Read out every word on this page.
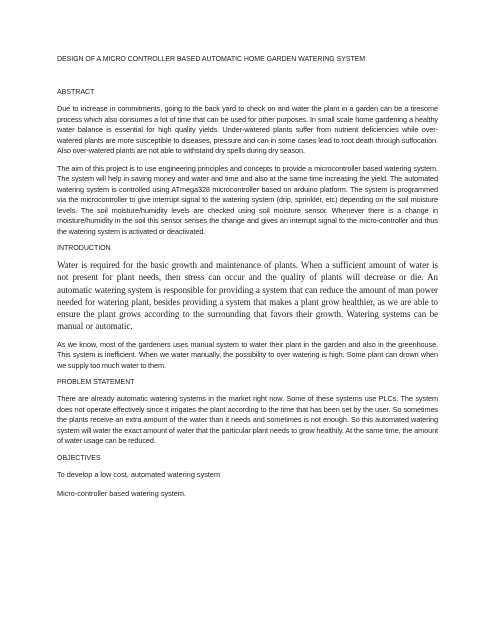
DESIGN OF A MICRO CONTROLLER BASED AUTOMATIC HOME GARDEN WATERING SYSTEM
ABSTRACT

Due to increase in commitments, going to the back yard to check on and water the plant in a garden can be a tiresome process which also consumes a lot of time that can be used for other purposes. In small scale home gardening a healthy water balance is essential for high quality yields. Under-watered plants suffer from nutrient deficiencies while over-watered plants are more susceptible to diseases, pressure and can in some cases lead to root death through suffocation. Also over-watered plants are not able to withstand dry spells during dry season.

The aim of this project is to use engineering principles and concepts to provide a microcontroller based watering system. The system will help in saving money and water and time and also at the same time increasing the yield. The automated watering system is controlled using ATmega328 microcontroller based on arduino platform. The system is programmed via the microcontroller to give interrupt signal to the watering system (drip, sprinkler, etc) depending on the soil moisture levels. The soil moisture/humidity levels are checked using soil moisture sensor. Whenever there is a change in moisture/humidity in the soil this sensor senses the change and gives an interrupt signal to the micro-controller and thus the watering system is activated or deactivated.

INTRODUCTION

Water is required for the basic growth and maintenance of plants. When a sufficient amount of water is not present for plant needs, then stress can occur and the quality of plants will decrease or die. An automatic watering system is responsible for providing a system that can reduce the amount of man power needed for watering plant, besides providing a system that makes a plant grow healthier, as we are able to ensure the plant grows according to the surrounding that favors their growth. Watering systems can be manual or automatic.

As we know, most of the gardeners uses manual system to water their plant in the garden and also in the greenhouse. This system is inefficient. When we water manually, the possibility to over watering is high. Some plant can drown when we supply too much water to them.

PROBLEM STATEMENT

There are already automatic watering systems in the market right now. Some of these systems use PLCs. The system does not operate effectively since it irrigates the plant according to the time that has been set by the user. So sometimes the plants receive an extra amount of the water than it needs and sometimes is not enough. So this automated watering system will water the exact amount of water that the particular plant needs to grow healthily. At the same time, the amount of water usage can be reduced.

OBJECTIVES
To develop a low cost, automated watering system
Micro-controller based watering system.
